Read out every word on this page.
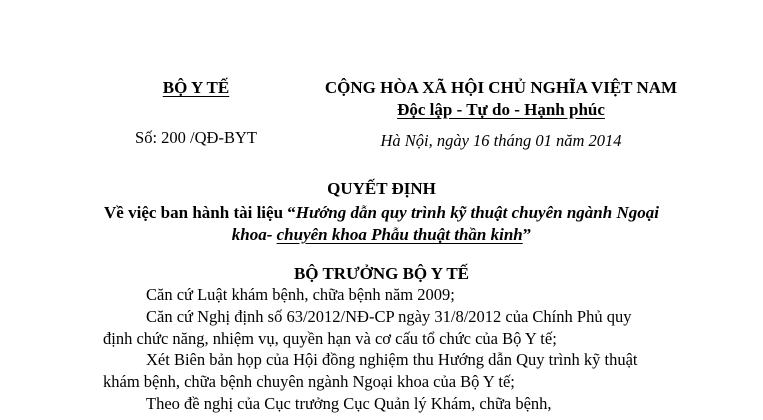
BỘ Y TẾ
Số: 200 /QĐ-BYT
CỘNG HÒA XÃ HỘI CHỦ NGHĨA VIỆT NAM
Độc lập - Tự do - Hạnh phúc
Hà Nội, ngày 16 tháng 01 năm 2014
QUYẾT ĐỊNH
Về việc ban hành tài liệu “Hướng dẫn quy trình kỹ thuật chuyên ngành Ngoại
khoa- chuyên khoa Phẫu thuật thần kinh”
BỘ TRƯỞNG BỘ Y TẾ
Căn cứ Luật khám bệnh, chữa bệnh năm 2009;
Căn cứ Nghị định số 63/2012/NĐ-CP ngày 31/8/2012 của Chính Phủ quy
định chức năng, nhiệm vụ, quyền hạn và cơ cấu tổ chức của Bộ Y tế;
Xét Biên bản họp của Hội đồng nghiệm thu Hướng dẫn Quy trình kỹ thuật
khám bệnh, chữa bệnh chuyên ngành Ngoại khoa của Bộ Y tế;
Theo đề nghị của Cục trưởng Cục Quản lý Khám, chữa bệnh,
